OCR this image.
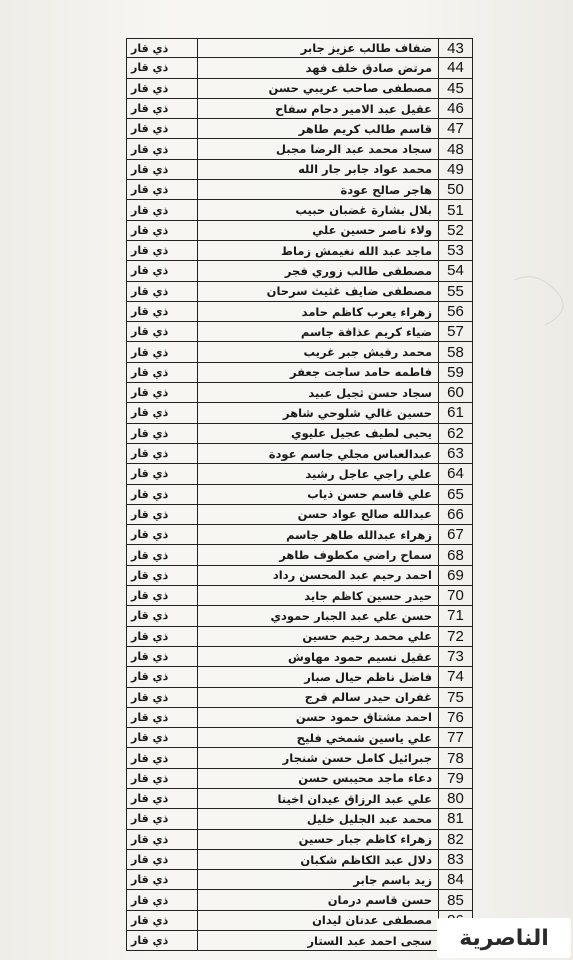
43
ضفاف طالب عزيز جابر
ذي قار
44
مرتض صادق خلف فهد
ذي قار
45
مصطفى صاحب عريبي حسن
ذي قار
46
عقيل عبد الامير دحام سفاح
ذي قار
47
قاسم طالب كريم طاهر
ذي قار
48
سجاد محمد عبد الرضا مجبل
ذي قار
49
محمد عواد جابر جار الله
ذي قار
50
هاجر صالح عودة
ذي قار
51
بلال بشارة غضبان حبيب
ذي قار
52
ولاء ناصر حسين علي
ذي قار
53
ماجد عبد الله نغيمش زماط
ذي قار
54
مصطفى طالب زوري فجر
ذي قار
55
مصطفى ضايف غثيث سرحان
ذي قار
56
زهراء يعرب كاظم حامد
ذي قار
57
ضياء كريم عذافة جاسم
ذي قار
58
محمد رفيش جبر غريب
ذي قار
59
فاطمه حامد ساجت جعفر
ذي قار
60
سجاد حسن ثجيل عبيد
ذي قار
61
حسين غالي شلوحي شاهر
ذي قار
62
يحيى لطيف عجيل عليوي
ذي قار
63
عبدالعباس مجلي جاسم عودة
ذي قار
64
علي راجي عاجل رشيد
ذي قار
65
علي قاسم حسن ذياب
ذي قار
66
عبدالله صالح عواد حسن
ذي قار
67
زهراء عبدالله طاهر جاسم
ذي قار
68
سماح راضي مكطوف طاهر
ذي قار
69
احمد رحيم عبد المحسن رداد
ذي قار
70
حيدر حسين كاظم جايد
ذي قار
71
حسن علي عبد الجبار حمودي
ذي قار
72
علي محمد رحيم حسين
ذي قار
73
عقيل نسيم حمود مهاوش
ذي قار
74
فاضل ناظم حيال صبار
ذي قار
75
غفران حيدر سالم فرج
ذي قار
76
احمد مشتاق حمود حسن
ذي قار
77
علي ياسين شمخي فليح
ذي قار
78
جبرائيل كامل حسن شنجار
ذي قار
79
دعاء ماجد محيبس حسن
ذي قار
80
علي عبد الرزاق عيدان اخينا
ذي قار
81
محمد عبد الجليل خليل
ذي قار
82
زهراء كاظم جبار حسين
ذي قار
83
دلال عبد الكاظم شكبان
ذي قار
84
زيد باسم جابر
ذي قار
85
حسن قاسم درمان
ذي قار
مصطفى عدنان ليدان
ذي قار
سجى احمد عبد الستار
ذي قار	الناصرية
